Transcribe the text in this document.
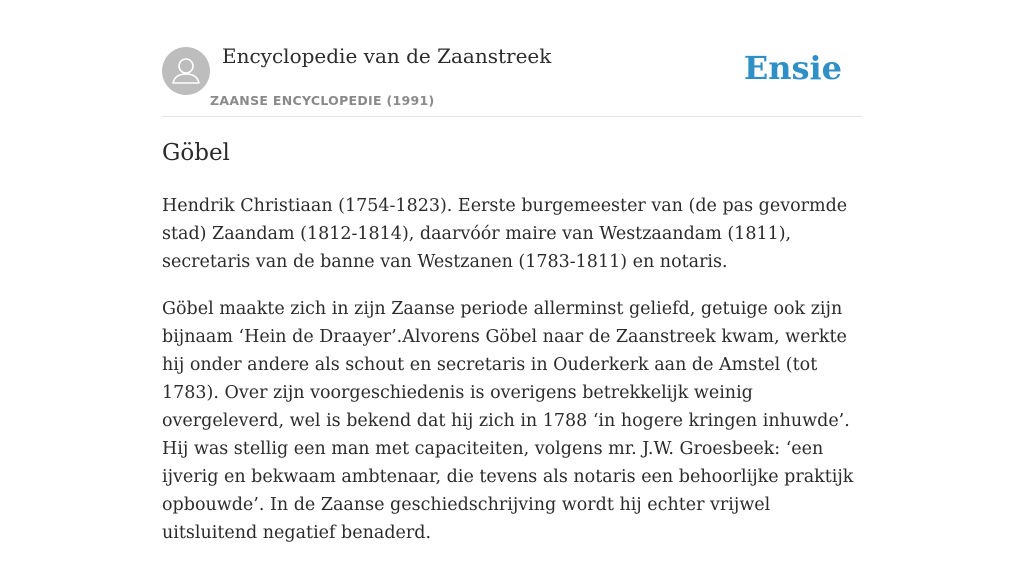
Encyclopedie van de Zaanstreek
ZAANSE ENCYCLOPEDIE (1991)
Ensie
Göbel

Hendrik Christiaan (1754-1823). Eerste burgemeester van (de pas gevormde stad) Zaandam (1812-1814), daarvóór maire van Westzaandam (1811), secretaris van de banne van Westzanen (1783-1811) en notaris.

Göbel maakte zich in zijn Zaanse periode allerminst geliefd, getuige ook zijn bijnaam ‘Hein de Draayer’.Alvorens Göbel naar de Zaanstreek kwam, werkte hij onder andere als schout en secretaris in Ouderkerk aan de Amstel (tot 1783). Over zijn voorgeschiedenis is overigens betrekkelijk weinig overgeleverd, wel is bekend dat hij zich in 1788 ‘in hogere kringen inhuwde’. Hij was stellig een man met capaciteiten, volgens mr. J.W. Groesbeek: ‘een ijverig en bekwaam ambtenaar, die tevens als notaris een behoorlijke praktijk opbouwde’. In de Zaanse geschiedschrijving wordt hij echter vrijwel uitsluitend negatief benaderd.
